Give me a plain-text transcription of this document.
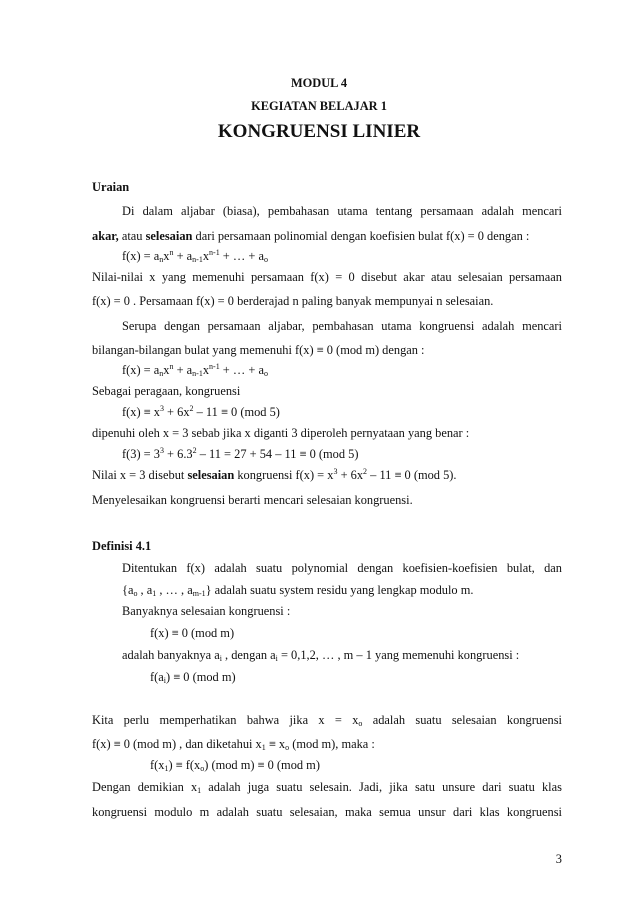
MODUL 4
KEGIATAN BELAJAR 1
KONGRUENSI LINIER
Uraian
Di dalam aljabar (biasa), pembahasan utama tentang persamaan adalah mencari
akar, atau selesaian dari persamaan polinomial dengan koefisien bulat f(x) = 0 dengan :
$f(x) = a_nx^n + a_{n-1}x^{n-1}$ + … + $a_o$
Nilai-nilai x yang memenuhi persamaan f(x) = 0 disebut akar atau selesaian persamaan
f(x) = 0 . Persamaan f(x) = 0 berderajad n paling banyak mempunyai n selesaian.
Serupa dengan persamaan aljabar, pembahasan utama kongruensi adalah mencari
bilangan-bilangan bulat yang memenuhi f(x) ≡ 0 (mod m) dengan :
$f(x) = a_nx^n + a_{n-1}x^{n-1}$ + … + $a_o$
Sebagai peragaan, kongruensi
$f(x) \equiv x^3 + 6x^2 - 11 \equiv 0$ (mod 5)
dipenuhi oleh x = 3 sebab jika x diganti 3 diperoleh pernyataan yang benar :
$f(3) = 3^3 + 6.3^2 - 11 = 27 + 54 - 11 \equiv 0$ (mod 5)
Nilai x = 3 disebut selesaian kongruensi $f(x) = x^3 + 6x^2 - 11 \equiv 0$ (mod 5).
Menyelesaikan kongruensi berarti mencari selesaian kongruensi.
Definisi 4.1
Ditentukan f(x) adalah suatu polynomial dengan koefisien-koefisien bulat, dan
{$a_o$ , $a_1$ , … , $a_{m-1}$} adalah suatu system residu yang lengkap modulo m.
Banyaknya selesaian kongruensi :
f(x) ≡ 0 (mod m)
adalah banyaknya $a_i$ , dengan $a_i = 0,1,2$, … , m – 1 yang memenuhi kongruensi :
$f(a_i) \equiv 0$ (mod m)
Kita perlu memperhatikan bahwa jika $x = x_o$ adalah suatu selesaian kongruensi
f(x) ≡ 0 (mod m) , dan diketahui $x_1 \equiv x_o$ (mod m), maka :
$f(x_1) \equiv f(x_o)$ (mod m) ≡ 0 (mod m)
Dengan demikian $x_1$ adalah juga suatu selesain. Jadi, jika satu unsure dari suatu klas
kongruensi modulo m adalah suatu selesaian, maka semua unsur dari klas kongruensi
3
